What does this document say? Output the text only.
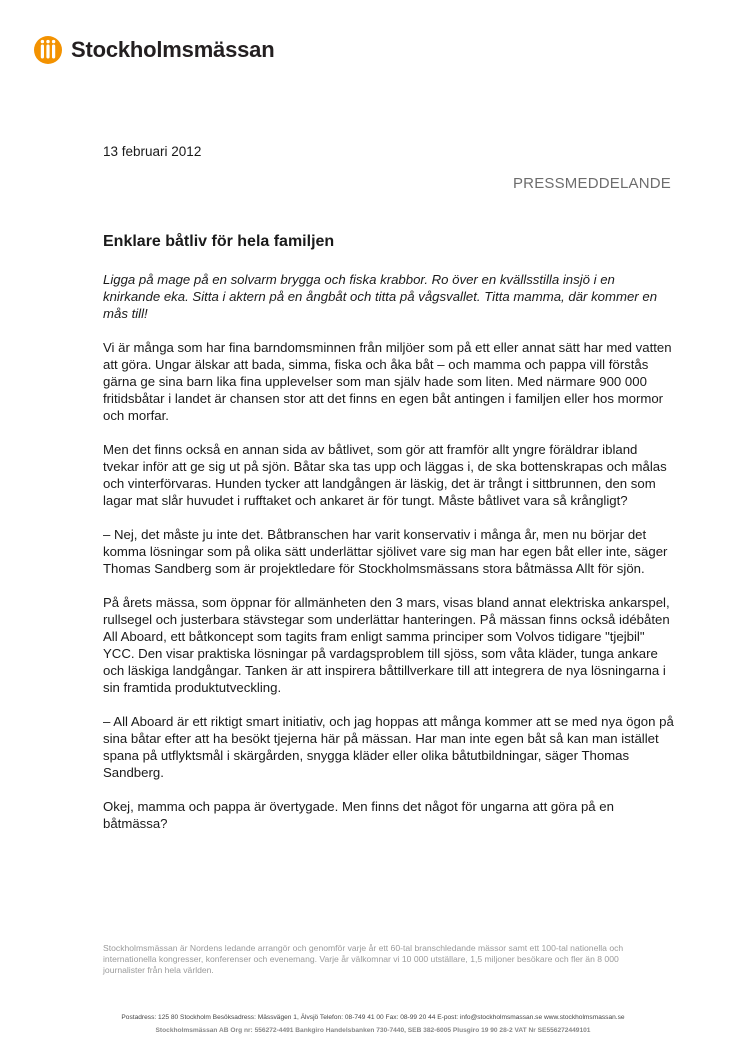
Stockholmsmässan
13 februari 2012
PRESSMEDDELANDE
Enklare båtliv för hela familjen

Ligga på mage på en solvarm brygga och fiska krabbor. Ro över en kvällsstilla insjö i en knirkande eka. Sitta i aktern på en ångbåt och titta på vågsvallet. Titta mamma, där kommer en mås till!

Vi är många som har fina barndomsminnen från miljöer som på ett eller annat sätt har med vatten att göra. Ungar älskar att bada, simma, fiska och åka båt – och mamma och pappa vill förstås gärna ge sina barn lika fina upplevelser som man själv hade som liten. Med närmare 900 000 fritidsbåtar i landet är chansen stor att det finns en egen båt antingen i familjen eller hos mormor och morfar.

Men det finns också en annan sida av båtlivet, som gör att framför allt yngre föräldrar ibland tvekar inför att ge sig ut på sjön. Båtar ska tas upp och läggas i, de ska bottenskrapas och målas och vinterförvaras. Hunden tycker att landgången är läskig, det är trångt i sittbrunnen, den som lagar mat slår huvudet i rufftaket och ankaret är för tungt. Måste båtlivet vara så krångligt?

– Nej, det måste ju inte det. Båtbranschen har varit konservativ i många år, men nu börjar det komma lösningar som på olika sätt underlättar sjölivet vare sig man har egen båt eller inte, säger Thomas Sandberg som är projektledare för Stockholmsmässans stora båtmässa Allt för sjön.

På årets mässa, som öppnar för allmänheten den 3 mars, visas bland annat elektriska ankarspel, rullsegel och justerbara stävstegar som underlättar hanteringen. På mässan finns också idébåten All Aboard, ett båtkoncept som tagits fram enligt samma principer som Volvos tidigare "tjejbil" YCC. Den visar praktiska lösningar på vardagsproblem till sjöss, som våta kläder, tunga ankare och läskiga landgångar. Tanken är att inspirera båttillverkare till att integrera de nya lösningarna i sin framtida produktutveckling.

– All Aboard är ett riktigt smart initiativ, och jag hoppas att många kommer att se med nya ögon på sina båtar efter att ha besökt tjejerna här på mässan. Har man inte egen båt så kan man istället spana på utflyktsmål i skärgården, snygga kläder eller olika båtutbildningar, säger Thomas Sandberg.

Okej, mamma och pappa är övertygade. Men finns det något för ungarna att göra på en båtmässa?

Stockholmsmässan är Nordens ledande arrangör och genomför varje år ett 60-tal branschledande mässor samt ett 100-tal nationella och internationella kongresser, konferenser och evenemang. Varje år välkomnar vi 10 000 utställare, 1,5 miljoner besökare och fler än 8 000 journalister från hela världen.
Postadress: 125 80 Stockholm Besöksadress: Mässvägen 1, Älvsjö Telefon: 08-749 41 00 Fax: 08-99 20 44 E-post: info@stockholmsmassan.se www.stockholmsmassan.se
Stockholmsmässan AB Org nr: 556272-4491 Bankgiro Handelsbanken 730-7440, SEB 382-6005 Plusgiro 19 90 28-2 VAT Nr SE556272449101
